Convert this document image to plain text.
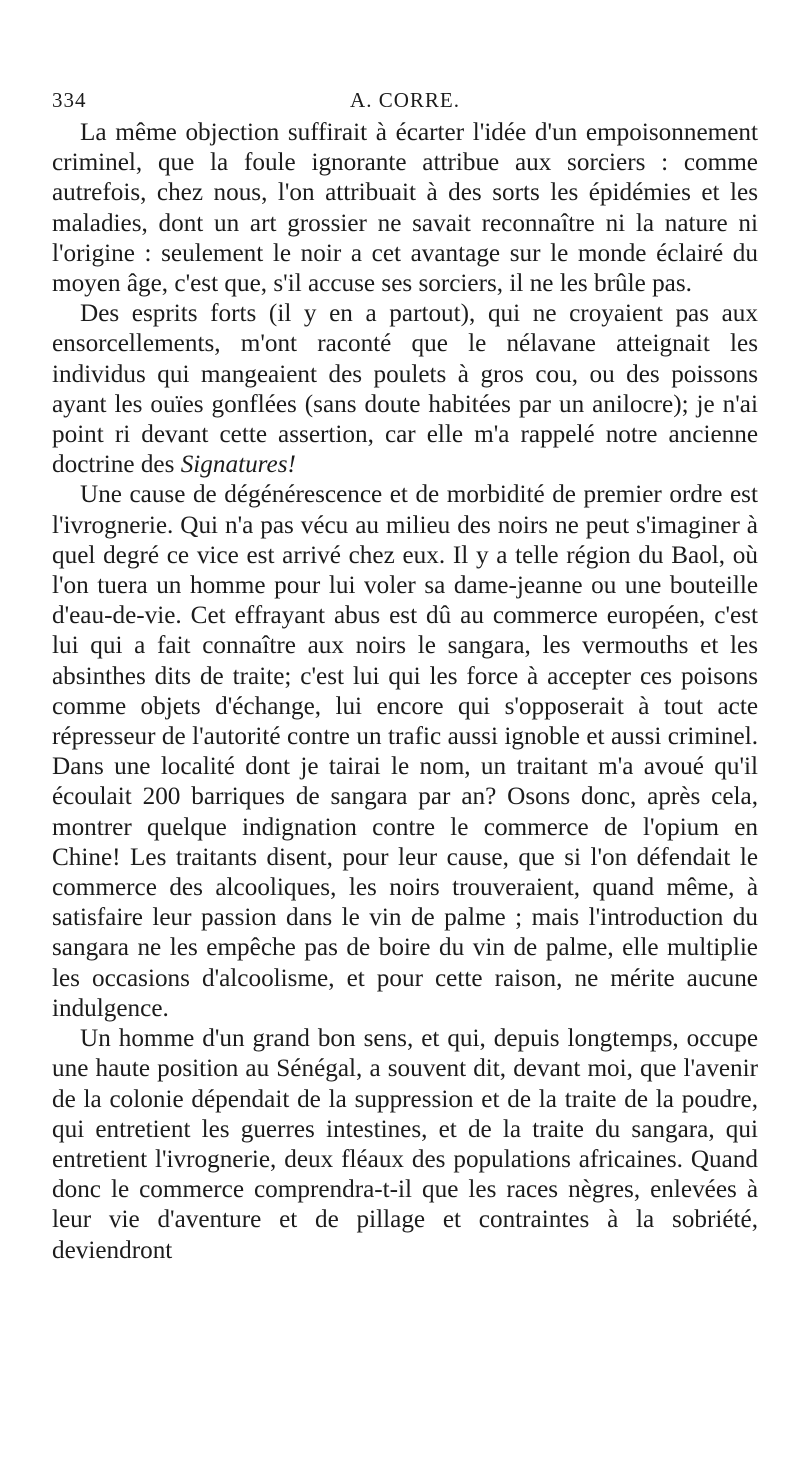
334	A. CORRE.

La même objection suffirait à écarter l'idée d'un empoisonnement criminel, que la foule ignorante attribue aux sorciers : comme autrefois, chez nous, l'on attribuait à des sorts les épidémies et les maladies, dont un art grossier ne savait reconnaître ni la nature ni l'origine : seulement le noir a cet avantage sur le monde éclairé du moyen âge, c'est que, s'il accuse ses sorciers, il ne les brûle pas.

Des esprits forts (il y en a partout), qui ne croyaient pas aux ensorcellements, m'ont raconté que le nélavane atteignait les individus qui mangeaient des poulets à gros cou, ou des poissons ayant les ouïes gonflées (sans doute habitées par un anilocre); je n'ai point ri devant cette assertion, car elle m'a rappelé notre ancienne doctrine des Signatures!

Une cause de dégénérescence et de morbidité de premier ordre est l'ivrognerie. Qui n'a pas vécu au milieu des noirs ne peut s'imaginer à quel degré ce vice est arrivé chez eux. Il y a telle région du Baol, où l'on tuera un homme pour lui voler sa dame-jeanne ou une bouteille d'eau-de-vie. Cet effrayant abus est dû au commerce européen, c'est lui qui a fait connaître aux noirs le sangara, les vermouths et les absinthes dits de traite; c'est lui qui les force à accepter ces poisons comme objets d'échange, lui encore qui s'opposerait à tout acte répresseur de l'autorité contre un trafic aussi ignoble et aussi criminel. Dans une localité dont je tairai le nom, un traitant m'a avoué qu'il écoulait 200 barriques de sangara par an? Osons donc, après cela, montrer quelque indignation contre le commerce de l'opium en Chine! Les traitants disent, pour leur cause, que si l'on défendait le commerce des alcooliques, les noirs trouveraient, quand même, à satisfaire leur passion dans le vin de palme ; mais l'introduction du sangara ne les empêche pas de boire du vin de palme, elle multiplie les occasions d'alcoolisme, et pour cette raison, ne mérite aucune indulgence.

Un homme d'un grand bon sens, et qui, depuis longtemps, occupe une haute position au Sénégal, a souvent dit, devant moi, que l'avenir de la colonie dépendait de la suppression et de la traite de la poudre, qui entretient les guerres intestines, et de la traite du sangara, qui entretient l'ivrognerie, deux fléaux des populations africaines. Quand donc le commerce comprendra-t-il que les races nègres, enlevées à leur vie d'aventure et de pillage et contraintes à la sobriété, deviendront
